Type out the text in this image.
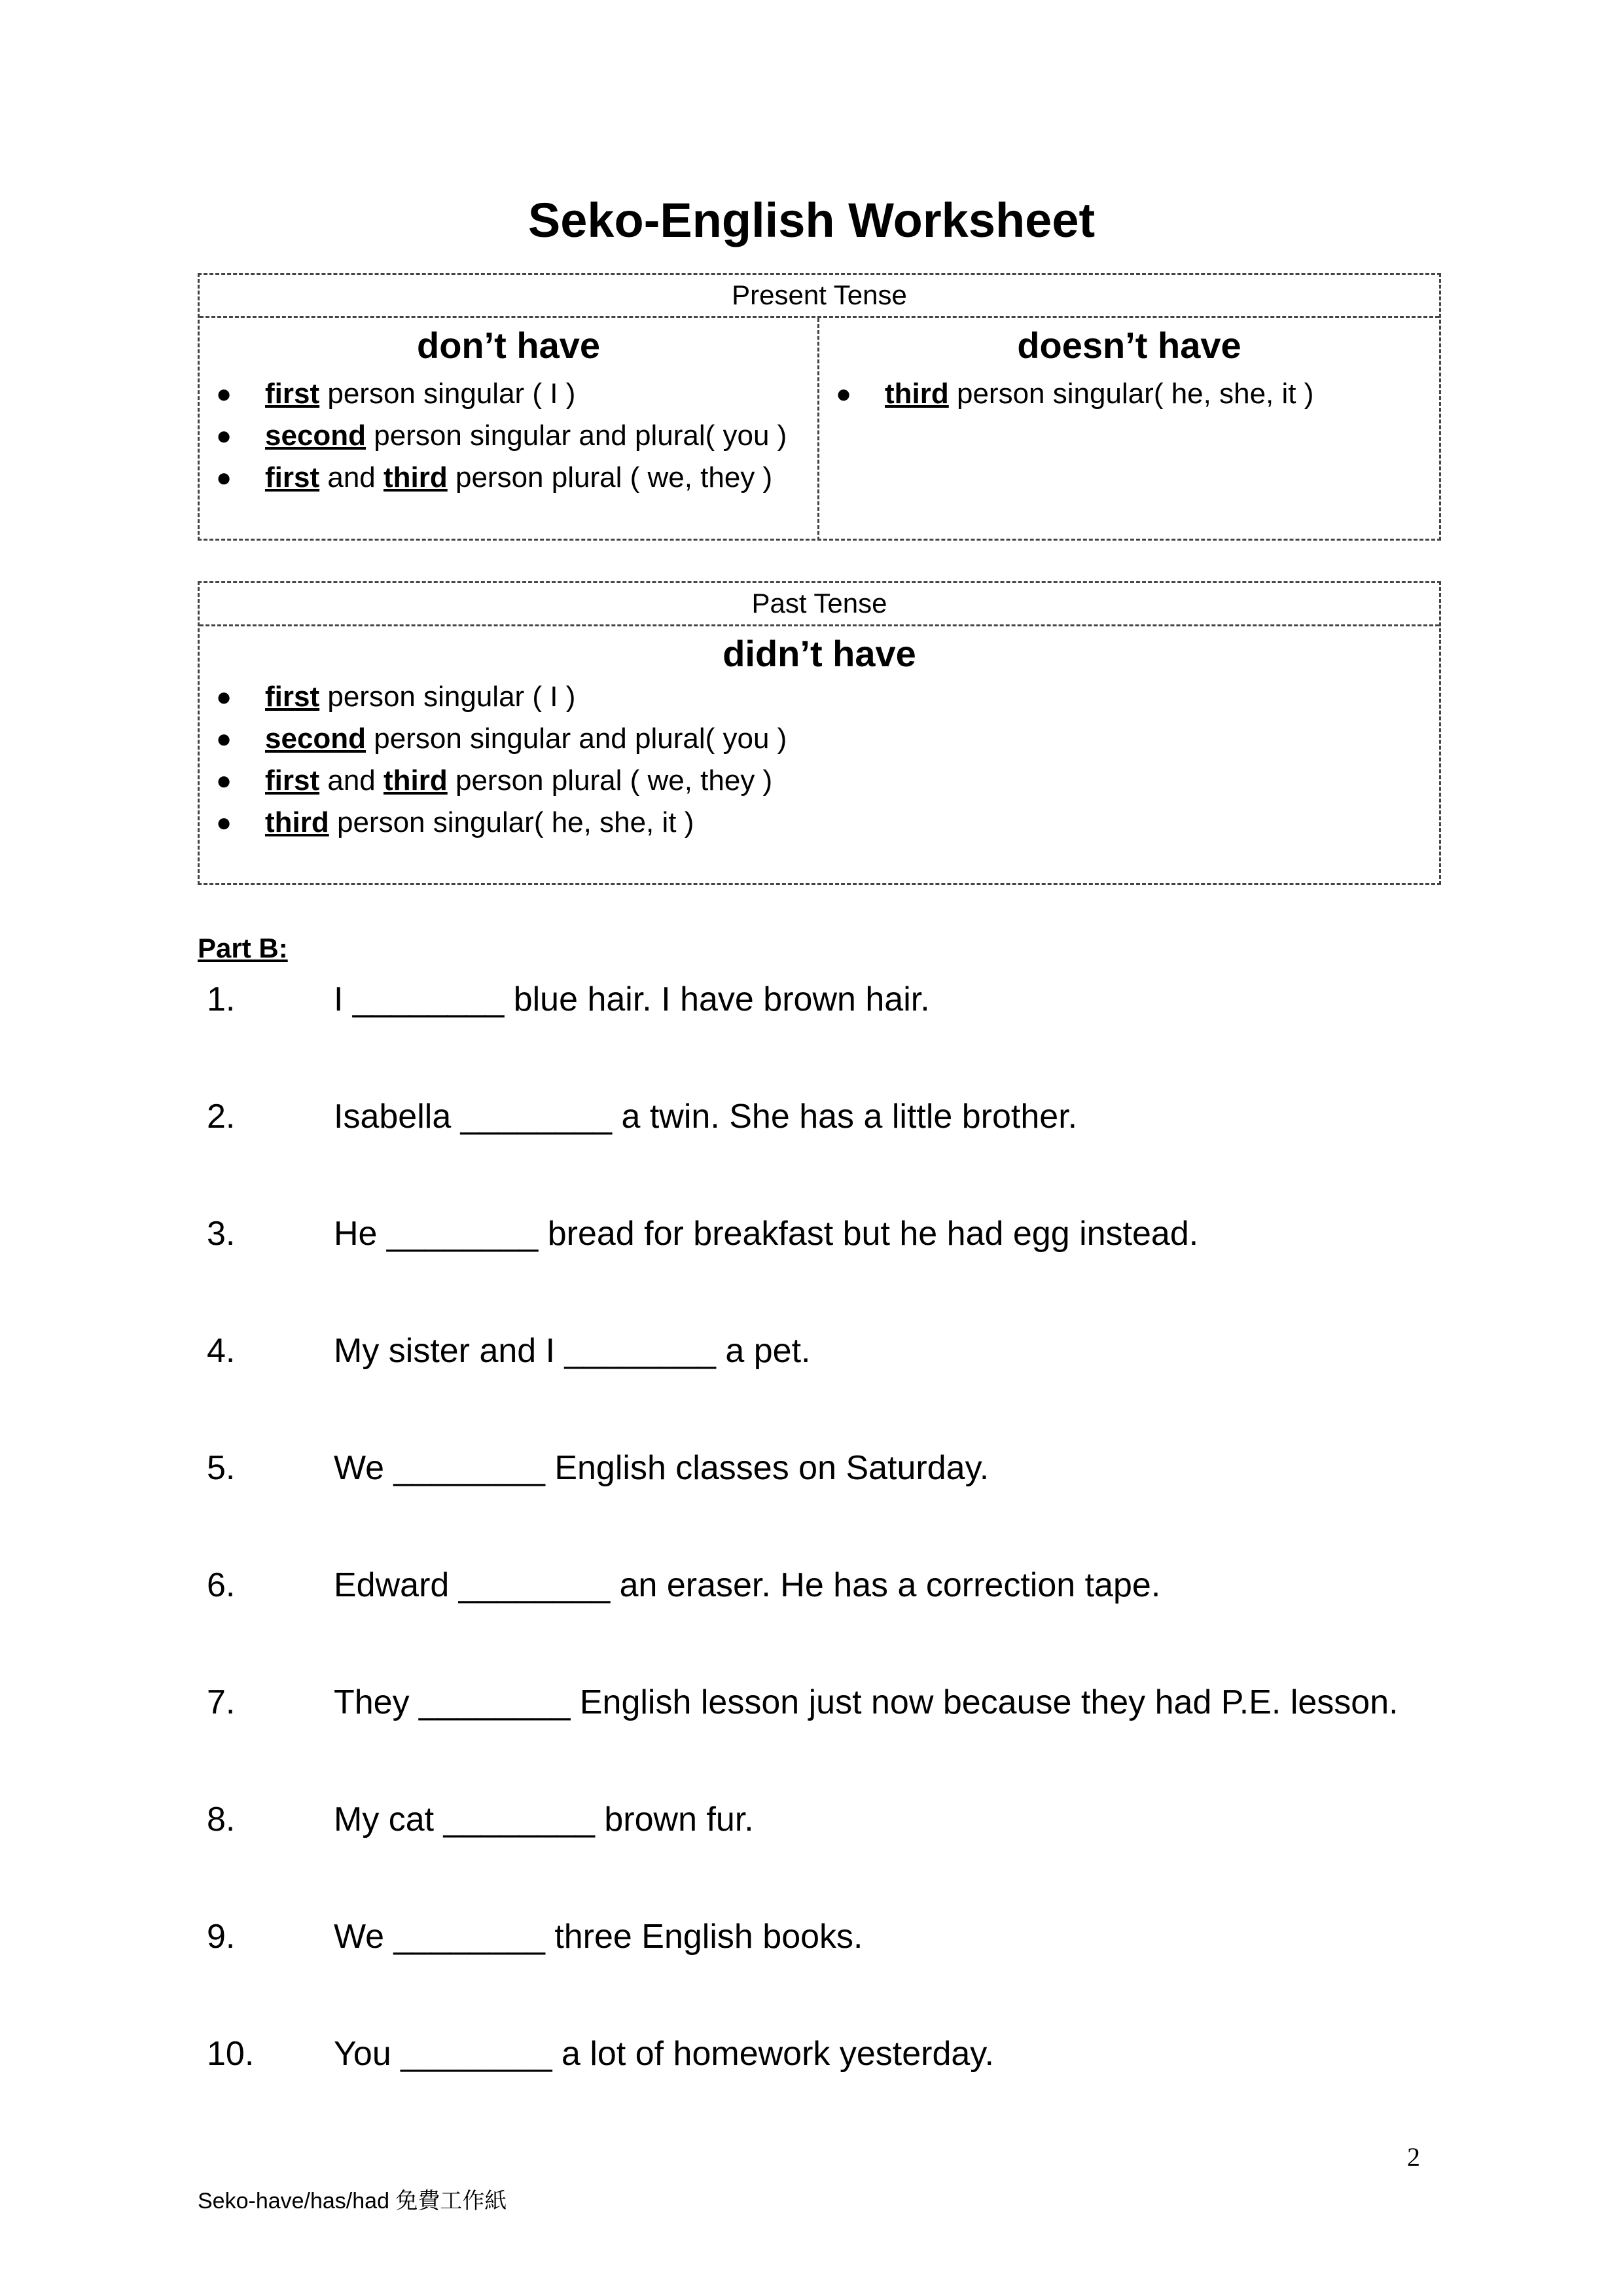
Seko-English Worksheet
Present Tense
don’t have
● first person singular ( I )
● second person singular and plural( you )
● first and third person plural ( we, they )
doesn’t have
● third person singular( he, she, it )
Past Tense
didn’t have
● first person singular ( I )
● second person singular and plural( you )
● first and third person plural ( we, they )
● third person singular( he, she, it )
Part B:
1.	I ________ blue hair. I have brown hair.
2.	Isabella ________ a twin. She has a little brother.
3.	He ________ bread for breakfast but he had egg instead.
4.	My sister and I ________ a pet.
5.	We ________ English classes on Saturday.
6.	Edward ________ an eraser. He has a correction tape.
7.	They ________ English lesson just now because they had P.E. lesson.
8.	My cat ________ brown fur.
9.	We ________ three English books.
10. You ________ a lot of homework yesterday.
2
Seko-have/has/had 免費工作紙
